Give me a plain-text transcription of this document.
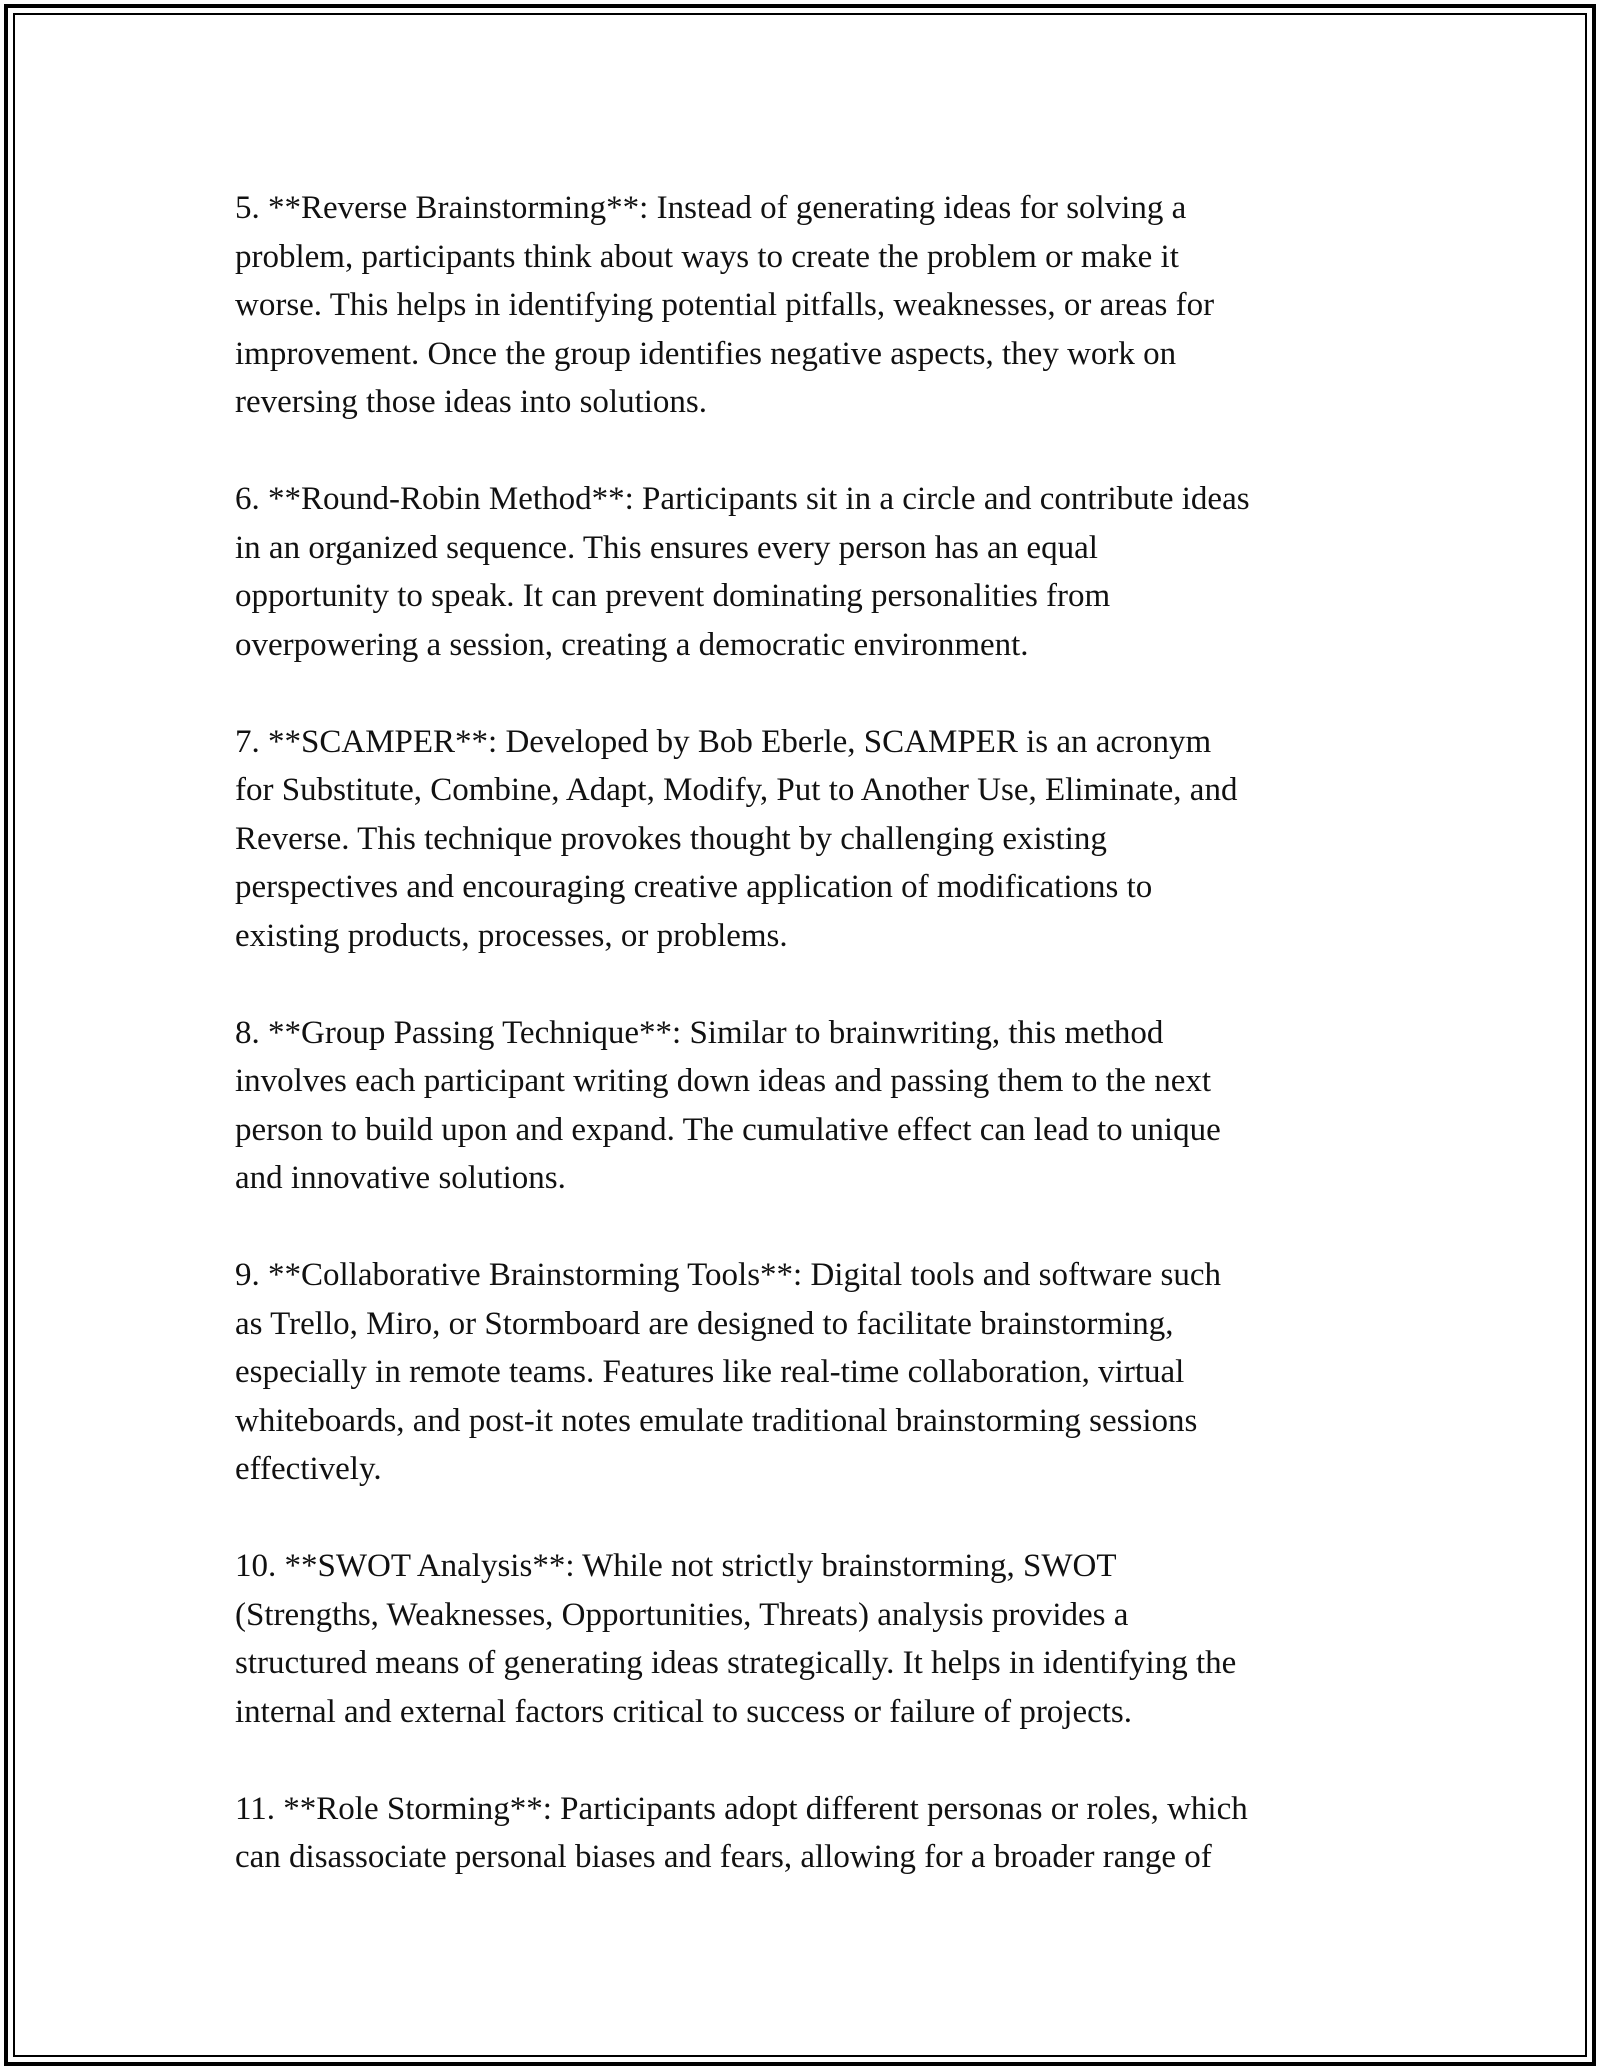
5. **Reverse Brainstorming**: Instead of generating ideas for solving a
problem, participants think about ways to create the problem or make it
worse. This helps in identifying potential pitfalls, weaknesses, or areas for
improvement. Once the group identifies negative aspects, they work on
reversing those ideas into solutions.

6. **Round-Robin Method**: Participants sit in a circle and contribute ideas
in an organized sequence. This ensures every person has an equal
opportunity to speak. It can prevent dominating personalities from
overpowering a session, creating a democratic environment.

7. **SCAMPER**: Developed by Bob Eberle, SCAMPER is an acronym
for Substitute, Combine, Adapt, Modify, Put to Another Use, Eliminate, and
Reverse. This technique provokes thought by challenging existing
perspectives and encouraging creative application of modifications to
existing products, processes, or problems.

8. **Group Passing Technique**: Similar to brainwriting, this method
involves each participant writing down ideas and passing them to the next
person to build upon and expand. The cumulative effect can lead to unique
and innovative solutions.

9. **Collaborative Brainstorming Tools**: Digital tools and software such
as Trello, Miro, or Stormboard are designed to facilitate brainstorming,
especially in remote teams. Features like real-time collaboration, virtual
whiteboards, and post-it notes emulate traditional brainstorming sessions
effectively.

10. **SWOT Analysis**: While not strictly brainstorming, SWOT
(Strengths, Weaknesses, Opportunities, Threats) analysis provides a
structured means of generating ideas strategically. It helps in identifying the
internal and external factors critical to success or failure of projects.

11. **Role Storming**: Participants adopt different personas or roles, which
can disassociate personal biases and fears, allowing for a broader range of
